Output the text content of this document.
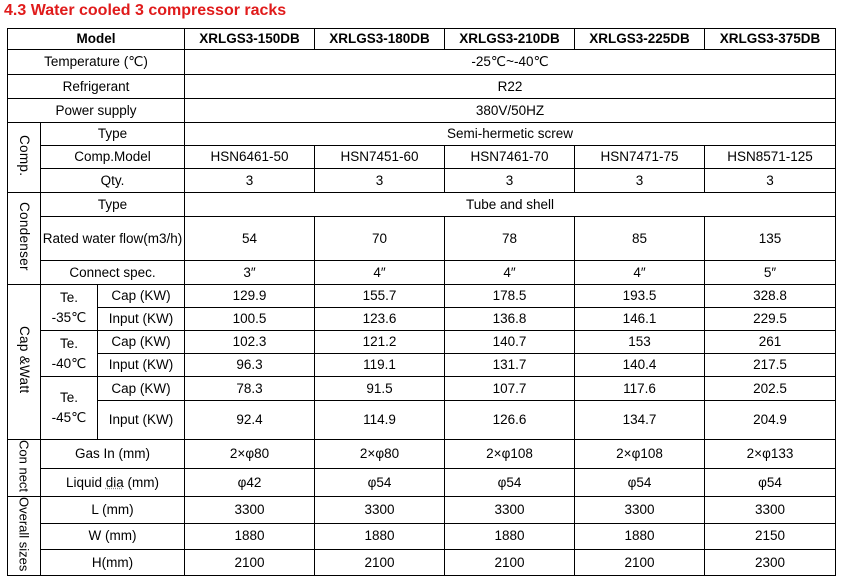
4.3 Water cooled 3 compressor racks
Model			XRLGS3-150DB	XRLGS3-180DB	XRLGS3-210DB	XRLGS3-225DB	XRLGS3-375DB
Temperature (℃)			-25℃~-40℃				
Refrigerant			R22				
Power supply			380V/50HZ				
Comp.	Type		Semi-hermetic screw				
	Comp.Model		HSN6461-50	HSN7451-60	HSN7461-70	HSN7471-75	HSN8571-125
	Qty.		3	3	3	3	3
Condenser	Type		Tube and shell				
	Rated water flow(m3/h)		54	70	78	85	135
	Connect spec.		3″	4″	4″	4″	5″
Cap &Watt	Te. -35℃	Cap (KW)	129.9	155.7	178.5	193.5	328.8
		Input (KW)	100.5	123.6	136.8	146.1	229.5
	Te. -40℃	Cap (KW)	102.3	121.2	140.7	153	261
		Input (KW)	96.3	119.1	131.7	140.4	217.5
	Te. -45℃	Cap (KW)	78.3	91.5	107.7	117.6	202.5
		Input (KW)	92.4	114.9	126.6	134.7	204.9
Con nect	Gas In (mm)		2×φ80	2×φ80	2×φ108	2×φ108	2×φ133
	Liquid dia (mm)		φ42	φ54	φ54	φ54	φ54
Overall sizes	L (mm)		3300	3300	3300	3300	3300
	W (mm)		1880	1880	1880	1880	2150
	H(mm)		2100	2100	2100	2100	2300
